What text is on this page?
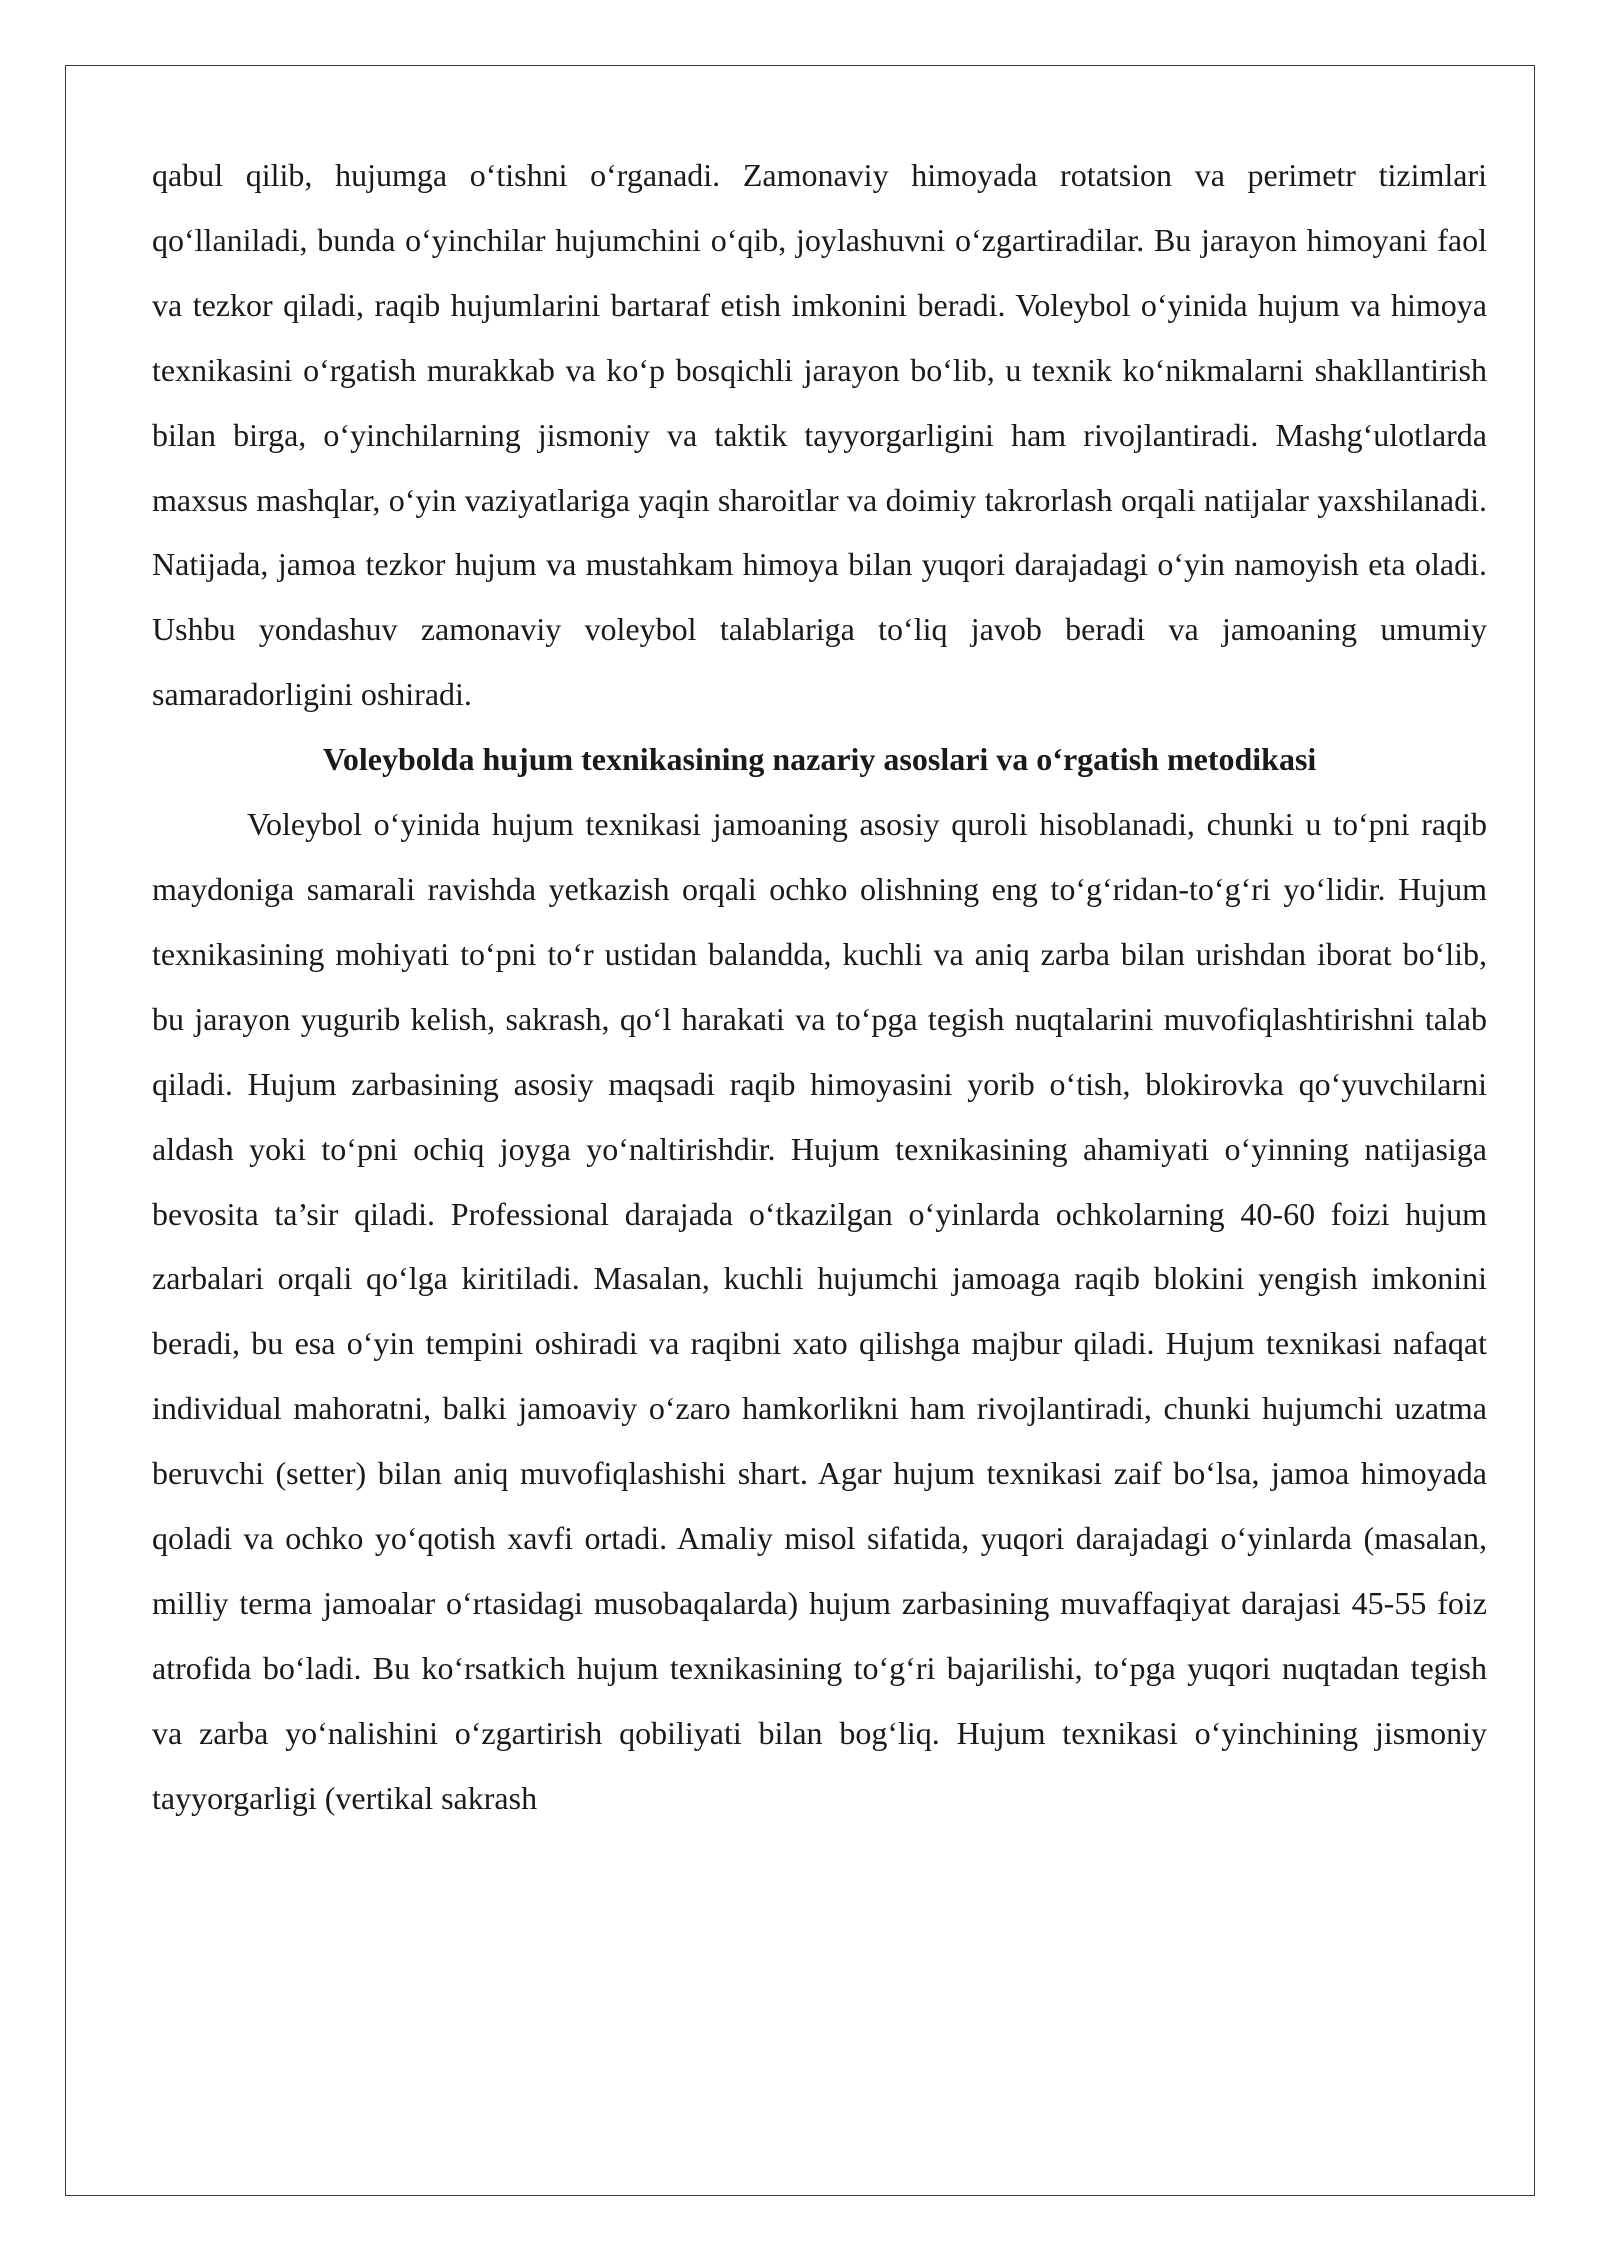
qabul qilib, hujumga o‘tishni o‘rganadi. Zamonaviy himoyada rotatsion va perimetr tizimlari qo‘llaniladi, bunda o‘yinchilar hujumchini o‘qib, joylashuvni o‘zgartiradilar. Bu jarayon himoyani faol va tezkor qiladi, raqib hujumlarini bartaraf etish imkonini beradi. Voleybol o‘yinida hujum va himoya texnikasini o‘rgatish murakkab va ko‘p bosqichli jarayon bo‘lib, u texnik ko‘nikmalarni shakllantirish bilan birga, o‘yinchilarning jismoniy va taktik tayyorgarligini ham rivojlantiradi. Mashg‘ulotlarda maxsus mashqlar, o‘yin vaziyatlariga yaqin sharoitlar va doimiy takrorlash orqali natijalar yaxshilanadi. Natijada, jamoa tezkor hujum va mustahkam himoya bilan yuqori darajadagi o‘yin namoyish eta oladi. Ushbu yondashuv zamonaviy voleybol talablariga to‘liq javob beradi va jamoaning umumiy samaradorligini oshiradi.

Voleybolda hujum texnikasining nazariy asoslari va o‘rgatish metodikasi

Voleybol o‘yinida hujum texnikasi jamoaning asosiy quroli hisoblanadi, chunki u to‘pni raqib maydoniga samarali ravishda yetkazish orqali ochko olishning eng to‘g‘ridan-to‘g‘ri yo‘lidir. Hujum texnikasining mohiyati to‘pni to‘r ustidan balandda, kuchli va aniq zarba bilan urishdan iborat bo‘lib, bu jarayon yugurib kelish, sakrash, qo‘l harakati va to‘pga tegish nuqtalarini muvofiqlashtirishni talab qiladi. Hujum zarbasining asosiy maqsadi raqib himoyasini yorib o‘tish, blokirovka qo‘yuvchilarni aldash yoki to‘pni ochiq joyga yo‘naltirishdir. Hujum texnikasining ahamiyati o‘yinning natijasiga bevosita ta’sir qiladi. Professional darajada o‘tkazilgan o‘yinlarda ochkolarning 40-60 foizi hujum zarbalari orqali qo‘lga kiritiladi. Masalan, kuchli hujumchi jamoaga raqib blokini yengish imkonini beradi, bu esa o‘yin tempini oshiradi va raqibni xato qilishga majbur qiladi. Hujum texnikasi nafaqat individual mahoratni, balki jamoaviy o‘zaro hamkorlikni ham rivojlantiradi, chunki hujumchi uzatma beruvchi (setter) bilan aniq muvofiqlashishi shart. Agar hujum texnikasi zaif bo‘lsa, jamoa himoyada qoladi va ochko yo‘qotish xavfi ortadi. Amaliy misol sifatida, yuqori darajadagi o‘yinlarda (masalan, milliy terma jamoalar o‘rtasidagi musobaqalarda) hujum zarbasining muvaffaqiyat darajasi 45-55 foiz atrofida bo‘ladi. Bu ko‘rsatkich hujum texnikasining to‘g‘ri bajarilishi, to‘pga yuqori nuqtadan tegish va zarba yo‘nalishini o‘zgartirish qobiliyati bilan bog‘liq. Hujum texnikasi o‘yinchining jismoniy tayyorgarligi (vertikal sakrash
